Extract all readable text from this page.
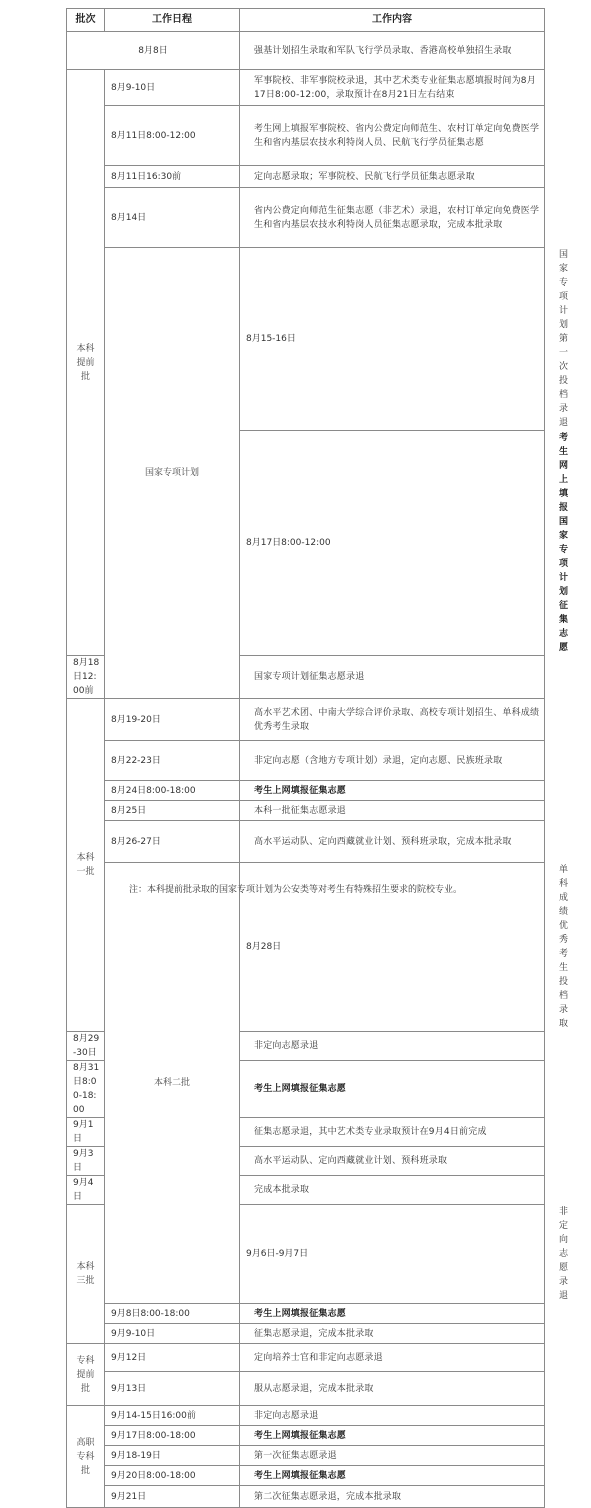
批次	工作日程	工作内容	
8月8日		强基计划招生录取和军队飞行学员录取、香港高校单独招生录取	
本科提前批	8月9-10日	军事院校、非军事院校录退，其中艺术类专业征集志愿填报时间为8月17日8:00-12:00，录取预计在8月21日左右结束	
	8月11日8:00-12:00	考生网上填报军事院校、省内公费定向师范生、农村订单定向免费医学生和省内基层农技水利特岗人员、民航飞行学员征集志愿	
	8月11日16:30前	定向志愿录取；军事院校、民航飞行学员征集志愿录取	
	8月14日	省内公费定向师范生征集志愿（非艺术）录退，农村订单定向免费医学生和省内基层农技水利特岗人员征集志愿录取，完成本批录取	
	国家专项计划	8月15-16日	国家专项计划第一次投档录退
		8月17日8:00-12:00	考生网上填报国家专项计划征集志愿
8月18日12:00前		国家专项计划征集志愿录退	
本科一批	8月19-20日	高水平艺术团、中南大学综合评价录取、高校专项计划招生、单科成绩优秀考生录取	
	8月22-23日	非定向志愿（含地方专项计划）录退，定向志愿、民族班录取	
	8月24日8:00-18:00	考生上网填报征集志愿	
	8月25日	本科一批征集志愿录退	
	8月26-27日	高水平运动队、定向西藏就业计划、预科班录取，完成本批录取	
	本科二批	8月28日	单科成绩优秀考生投档录取
8月29-30日		非定向志愿录退	
8月31日8:00-18:00		考生上网填报征集志愿	
9月1日		征集志愿录退，其中艺术类专业录取预计在9月4日前完成	
9月3日		高水平运动队、定向西藏就业计划、预科班录取	
9月4日		完成本批录取	
本科三批		9月6日-9月7日	非定向志愿录退
	9月8日8:00-18:00	考生上网填报征集志愿	
	9月9-10日	征集志愿录退，完成本批录取	
专科提前批	9月12日	定向培养士官和非定向志愿录退	
	9月13日	服从志愿录退，完成本批录取	
高职专科批	9月14-15日16:00前	非定向志愿录退	
	9月17日8:00-18:00	考生上网填报征集志愿	
	9月18-19日	第一次征集志愿录退	
	9月20日8:00-18:00	考生上网填报征集志愿	
	9月21日	第二次征集志愿录退，完成本批录取	
注：本科提前批录取的国家专项计划为公安类等对考生有特殊招生要求的院校专业。
